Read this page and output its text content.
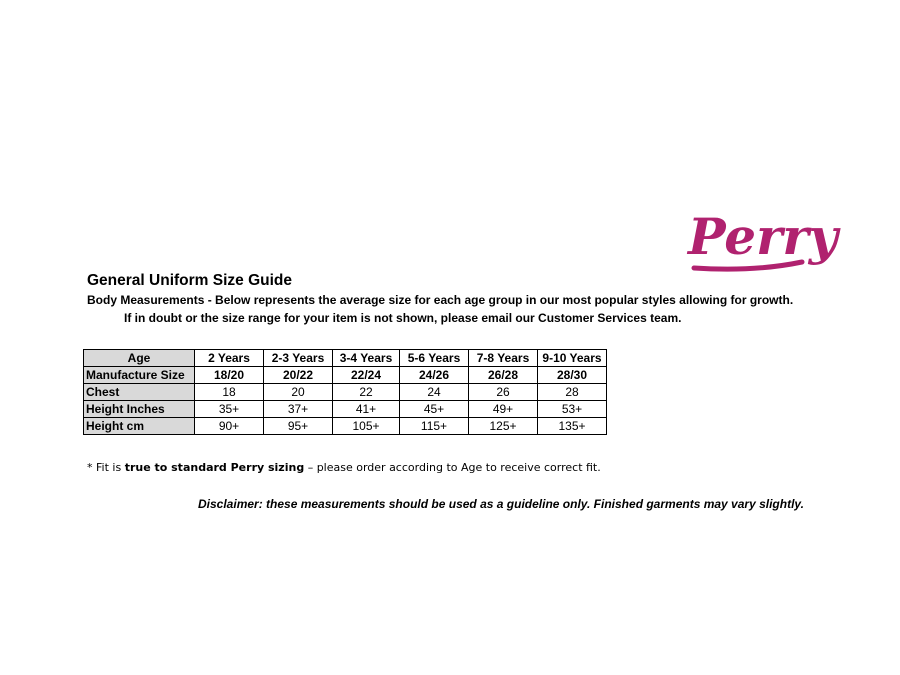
Perry
General Uniform Size Guide
Body Measurements - Below represents the average size for each age group in our most popular styles allowing for growth.
If in doubt or the size range for your item is not shown, please email our Customer Services team.
Age	2 Years	2-3 Years	3-4 Years	5-6 Years	7-8 Years	9-10 Years
Manufacture Size	18/20	20/22	22/24	24/26	26/28	28/30
Chest	18	20	22	24	26	28
Height Inches	35+	37+	41+	45+	49+	53+
Height cm	90+	95+	105+	115+	125+	135+
* Fit is true to standard Perry sizing – please order according to Age to receive correct fit.
Disclaimer: these measurements should be used as a guideline only. Finished garments may vary slightly.
